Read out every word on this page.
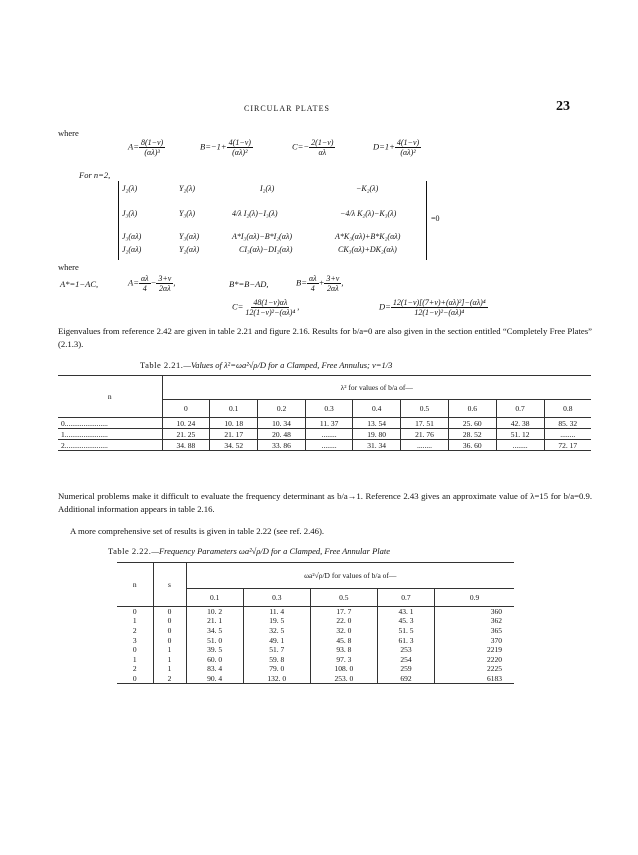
CIRCULAR PLATES	23
where
$A= \frac{8(1-\nu)}{\text{(αλ)³}}$	$B=-1+ \frac{4(1-\nu)}{\text{(αλ)²}}$	$C=- \frac{2(1-\nu)}{\alpha\lambda}$	$D=1+ \frac{4(1-\nu)}{\text{(αλ)²}}$
For n=2,
J₂(λ)	Y₂(λ)	I₂(λ)	−K₂(λ)
J₃(λ)	Y₃(λ)	4/λ I₂(λ)−I₃(λ)	−4/λ K₂(λ)−K₃(λ)
=0
J₃(αλ)	Y₃(αλ)	A*I₃(αλ)−B*I₂(αλ)	A*K₃(αλ)+B*K₂(αλ)
J₂(αλ)	Y₂(αλ)	CI₃(αλ)−DI₂(αλ)	CK₃(αλ)+DK₂(αλ)
where
A*=1−AC,	$A= \frac{\alpha\lambda}{4} - \frac{3+\nu}{2\alpha\lambda}$ ,	B*=B−AD,	$B= \frac{\alpha\lambda}{4} + \frac{3+\nu}{2\alpha\lambda}$ ,
$C= \frac{48(1-\nu)\alpha\lambda}{\text{12(1−ν)²−(αλ)⁴}}$ ,	$D= \frac{\text{12(1−ν)[(7+ν)+(αλ)²]−(αλ)⁴}}{\text{12(1−ν)²−(αλ)⁴}}$
Eigenvalues from reference 2.42 are given in table 2.21 and figure 2.16. Results for b/a=0 are also given in the section entitled “Completely Free Plates” (2.1.3).
Table 2.21.—Values of λ²=ωa²√ρ/D for a Clamped, Free Annulus; ν=1/3
n	λ² for values of b/a of—								
	0	0.1	0.2	0.3	0.4	0.5	0.6	0.7	0.8
0.......................	10. 24	10. 18	10. 34	11. 37	13. 54	17. 51	25. 60	42. 38	85. 32
1.......................	21. 25	21. 17	20. 48	........	19. 80	21. 76	28. 52	51. 12	........
2.......................	34. 88	34. 52	33. 86	........	31. 34	........	36. 60	........	72. 17
Numerical problems make it difficult to evaluate the frequency determinant as b/a→1. Reference 2.43 gives an approximate value of λ=15 for b/a=0.9. Additional information appears in table 2.16.
A more comprehensive set of results is given in table 2.22 (see ref. 2.46).
Table 2.22.—Frequency Parameters ωa²√ρ/D for a Clamped, Free Annular Plate
n	s	ωa²√ρ/D for values of b/a of—				
		0.1	0.3	0.5	0.7	0.9
0	0	10. 2	11. 4	17. 7	43. 1	360
1	0	21. 1	19. 5	22. 0	45. 3	362
2	0	34. 5	32. 5	32. 0	51. 5	365
3	0	51. 0	49. 1	45. 8	61. 3	370
0	1	39. 5	51. 7	93. 8	253	2219
1	1	60. 0	59. 8	97. 3	254	2220
2	1	83. 4	79. 0	108. 0	259	2225
0	2	90. 4	132. 0	253. 0	692	6183
